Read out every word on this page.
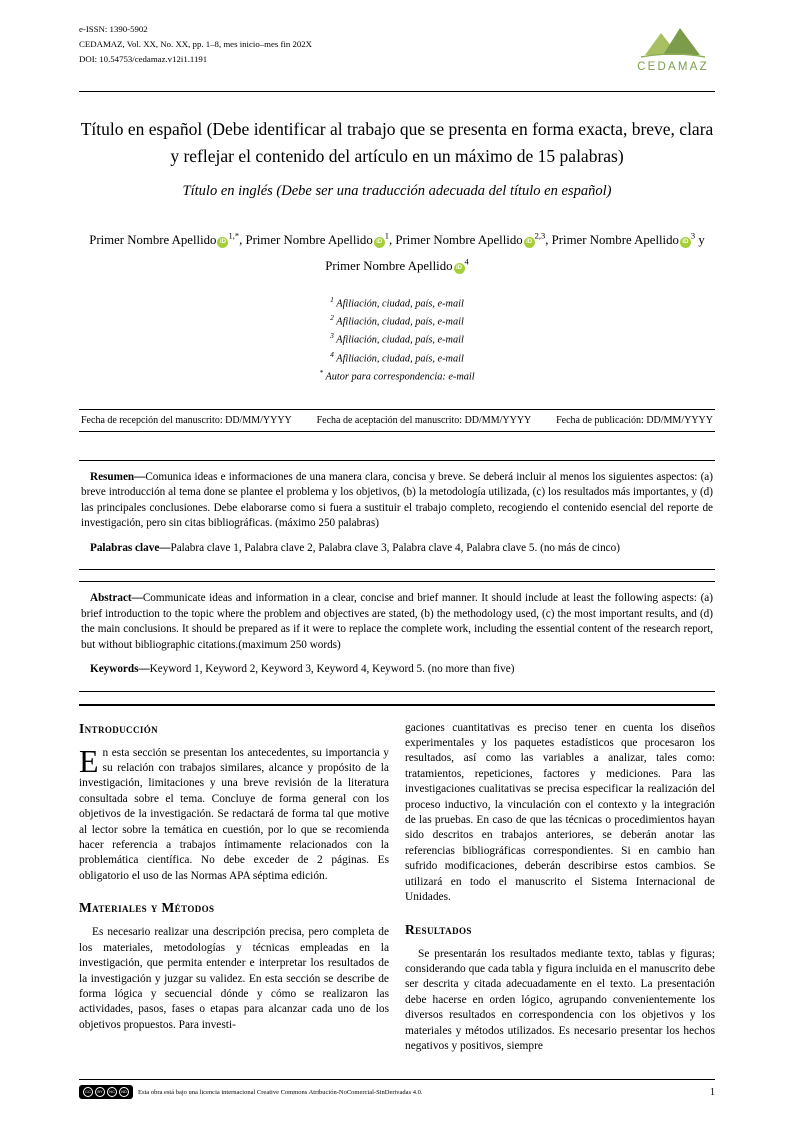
e-ISSN: 1390-5902
CEDAMAZ, Vol. XX, No. XX, pp. 1–8, mes inicio–mes fin 202X
DOI: 10.54753/cedamaz.v12i1.1191
CEDAMAZ
Título en español (Debe identificar al trabajo que se presenta en forma exacta, breve, clara y reflejar el contenido del artículo en un máximo de 15 palabras)
Título en inglés (Debe ser una traducción adecuada del título en español)
Primer Nombre Apellido $iD^{1,*}$, Primer Nombre Apellido $iD^1$, Primer Nombre Apellido iD$^{2,3}$, Primer Nombre Apellido $iD^3$ y Primer Nombre Apellido $iD^4$
$^1$ Afiliación, ciudad, país, e-mail
$^2$ Afiliación, ciudad, país, e-mail
$^3$ Afiliación, ciudad, país, e-mail
$^4$ Afiliación, ciudad, país, e-mail
* Autor para correspondencia: e-mail
Fecha de recepción del manuscrito: DD/MM/YYYY Fecha de aceptación del manuscrito: DD/MM/YYYY Fecha de publicación: DD/MM/YYYY

Resumen—Comunica ideas e informaciones de una manera clara, concisa y breve. Se deberá incluir al menos los siguientes aspectos: (a) breve introducción al tema done se plantee el problema y los objetivos, (b) la metodología utilizada, (c) los resultados más importantes, y (d) las principales conclusiones. Debe elaborarse como si fuera a sustituir el trabajo completo, recogiendo el contenido esencial del reporte de investigación, pero sin citas bibliográficas. (máximo 250 palabras)

Palabras clave—Palabra clave 1, Palabra clave 2, Palabra clave 3, Palabra clave 4, Palabra clave 5. (no más de cinco)

Abstract—Communicate ideas and information in a clear, concise and brief manner. It should include at least the following aspects: (a) brief introduction to the topic where the problem and objectives are stated, (b) the methodology used, (c) the most important results, and (d) the main conclusions. It should be prepared as if it were to replace the complete work, including the essential content of the research report, but without bibliographic citations.(maximum 250 words)

Keywords—Keyword 1, Keyword 2, Keyword 3, Keyword 4, Keyword 5. (no more than five)

Introducción

En esta sección se presentan los antecedentes, su importancia y su relación con trabajos similares, alcance y propósito de la investigación, limitaciones y una breve revisión de la literatura consultada sobre el tema. Concluye de forma general con los objetivos de la investigación. Se redactará de forma tal que motive al lector sobre la temática en cuestión, por lo que se recomienda hacer referencia a trabajos íntimamente relacionados con la problemática científica. No debe exceder de 2 páginas. Es obligatorio el uso de las Normas APA séptima edición.

Materiales y Métodos

Es necesario realizar una descripción precisa, pero completa de los materiales, metodologías y técnicas empleadas en la investigación, que permita entender e interpretar los resultados de la investigación y juzgar su validez. En esta sección se describe de forma lógica y secuencial dónde y cómo se realizaron las actividades, pasos, fases o etapas para alcanzar cada uno de los objetivos propuestos. Para investi-

gaciones cuantitativas es preciso tener en cuenta los diseños experimentales y los paquetes estadísticos que procesaron los resultados, así como las variables a analizar, tales como: tratamientos, repeticiones, factores y mediciones. Para las investigaciones cualitativas se precisa especificar la realización del proceso inductivo, la vinculación con el contexto y la integración de las pruebas. En caso de que las técnicas o procedimientos hayan sido descritos en trabajos anteriores, se deberán anotar las referencias bibliográficas correspondientes. Si en cambio han sufrido modificaciones, deberán describirse estos cambios. Se utilizará en todo el manuscrito el Sistema Internacional de Unidades.

Resultados

Se presentarán los resultados mediante texto, tablas y figuras; considerando que cada tabla y figura incluida en el manuscrito debe ser descrita y citada adecuadamente en el texto. La presentación debe hacerse en orden lógico, agrupando convenientemente los diversos resultados en correspondencia con los objetivos y los materiales y métodos utilizados. Es necesario presentar los hechos negativos y positivos, siempre

CC	BY	NC	ND	Esta obra está bajo una licencia internacional Creative Commons Atribución-NoComercial-SinDerivadas 4.0.	1
